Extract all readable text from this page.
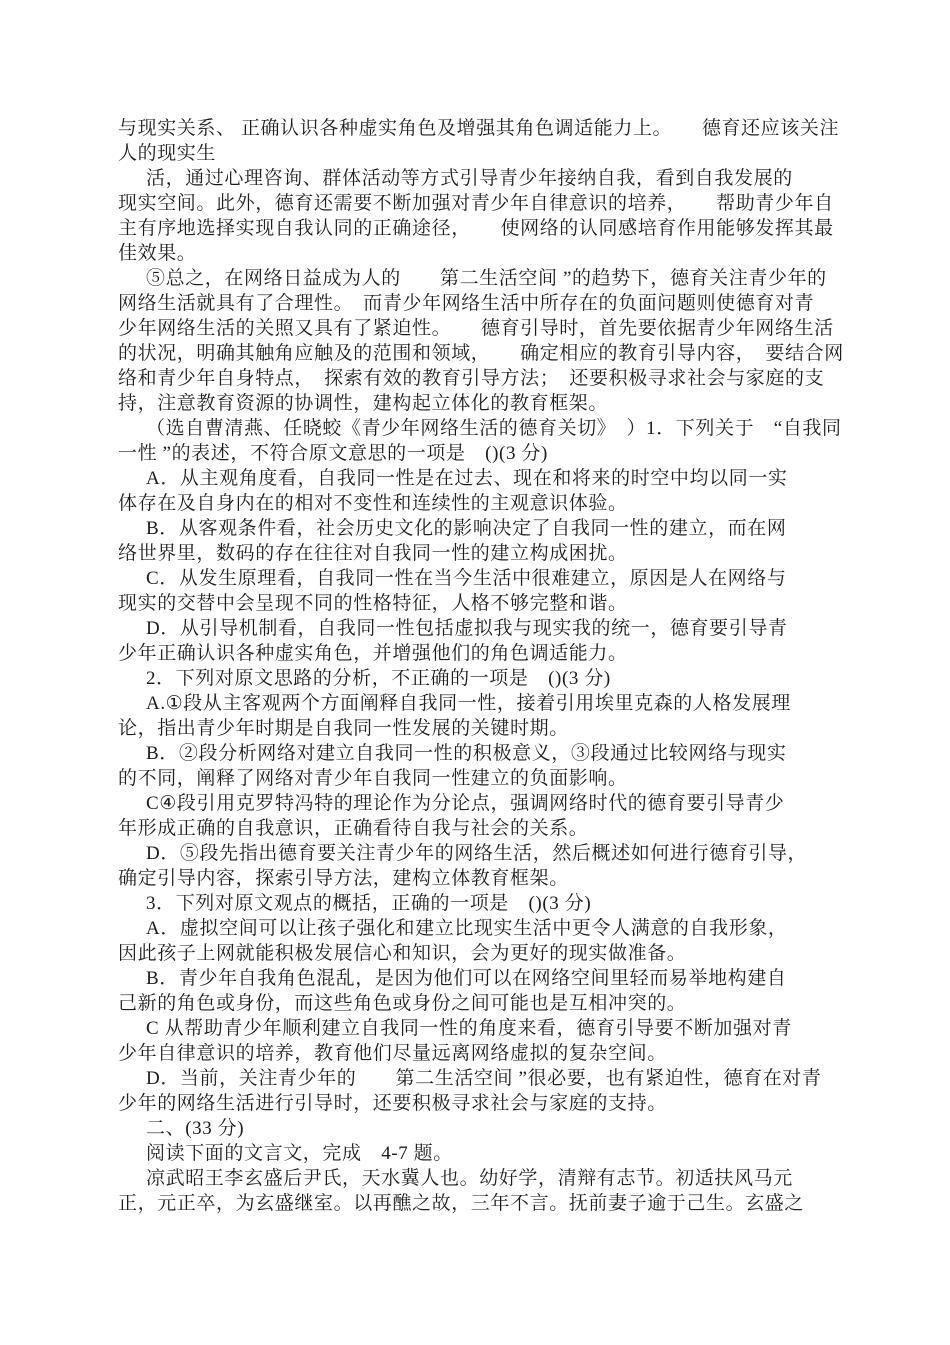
与现实关系、 正确认识各种虚实角色及增强其角色调适能力上。　　德育还应该关注
人的现实生
活，通过心理咨询、群体活动等方式引导青少年接纳自我，看到自我发展的
现实空间。此外，德育还需要不断加强对青少年自律意识的培养，　　帮助青少年自
主有序地选择实现自我认同的正确途径，　　使网络的认同感培育作用能够发挥其最
佳效果。
⑤总之，在网络日益成为人的　　第二生活空间 ”的趋势下，德育关注青少年的
网络生活就具有了合理性。　而青少年网络生活中所存在的负面问题则使德育对青
少年网络生活的关照又具有了紧迫性。　　德育引导时，首先要依据青少年网络生活
的状况，明确其触角应触及的范围和领域，　　确定相应的教育引导内容，　要结合网
络和青少年自身特点，　探索有效的教育引导方法；　还要积极寻求社会与家庭的支
持，注意教育资源的协调性，建构起立体化的教育框架。
（选自曹清燕、任晓蛟《青少年网络生活的德育关切》　）1．下列关于　“自我同
一性 ”的表述，不符合原文意思的一项是　()(3 分)
A．从主观角度看，自我同一性是在过去、现在和将来的时空中均以同一实
体存在及自身内在的相对不变性和连续性的主观意识体验。
B．从客观条件看，社会历史文化的影响决定了自我同一性的建立，而在网
络世界里，数码的存在往往对自我同一性的建立构成困扰。
C．从发生原理看，自我同一性在当今生活中很难建立，原因是人在网络与
现实的交替中会呈现不同的性格特征，人格不够完整和谐。
D．从引导机制看，自我同一性包括虚拟我与现实我的统一，德育要引导青
少年正确认识各种虚实角色，并增强他们的角色调适能力。
2．下列对原文思路的分析，不正确的一项是　()(3 分)
A.①段从主客观两个方面阐释自我同一性，接着引用埃里克森的人格发展理
论，指出青少年时期是自我同一性发展的关键时期。
B．②段分析网络对建立自我同一性的积极意义，③段通过比较网络与现实
的不同，阐释了网络对青少年自我同一性建立的负面影响。
C④段引用克罗特冯特的理论作为分论点，强调网络时代的德育要引导青少
年形成正确的自我意识，正确看待自我与社会的关系。
D．⑤段先指出德育要关注青少年的网络生活，然后概述如何进行德育引导，
确定引导内容，探索引导方法，建构立体教育框架。
3．下列对原文观点的概括，正确的一项是　()(3 分)
A．虚拟空间可以让孩子强化和建立比现实生活中更令人满意的自我形象，
因此孩子上网就能积极发展信心和知识，会为更好的现实做准备。
B．青少年自我角色混乱，是因为他们可以在网络空间里轻而易举地构建自
己新的角色或身份，而这些角色或身份之间可能也是互相冲突的。
C 从帮助青少年顺利建立自我同一性的角度来看，德育引导要不断加强对青
少年自律意识的培养，教育他们尽量远离网络虚拟的复杂空间。
D．当前，关注青少年的　　第二生活空间 ”很必要，也有紧迫性，德育在对青
少年的网络生活进行引导时，还要积极寻求社会与家庭的支持。
二、(33 分)
阅读下面的文言文，完成　4-7 题。
凉武昭王李玄盛后尹氏，天水冀人也。幼好学，清辩有志节。初适扶风马元
正，元正卒，为玄盛继室。以再醮之故，三年不言。抚前妻子逾于己生。玄盛之
